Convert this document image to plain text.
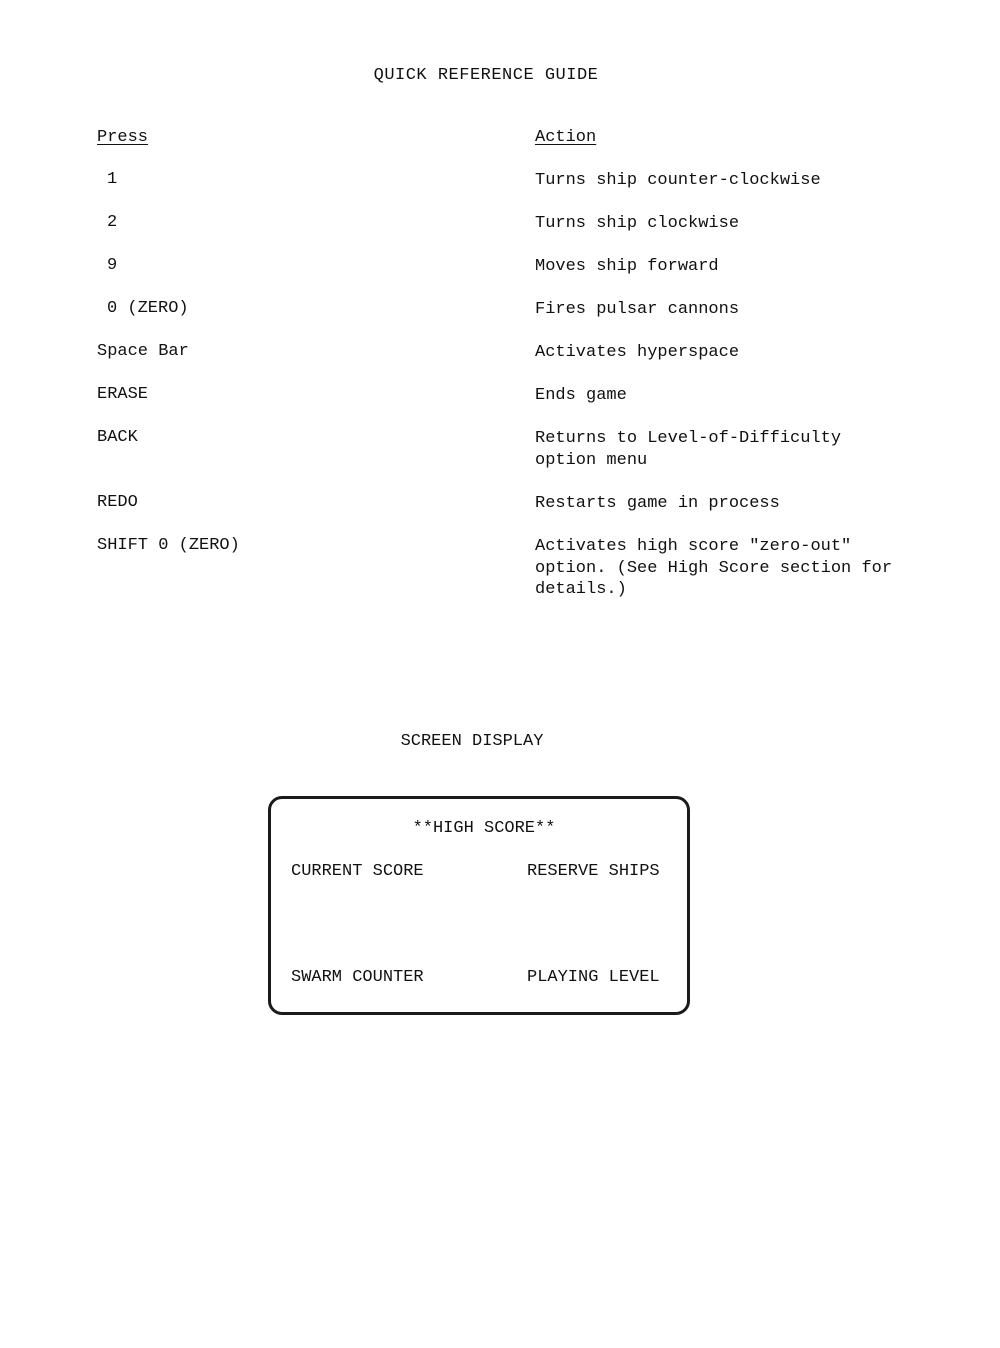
QUICK REFERENCE GUIDE
Press	Action
1	Turns ship counter-clockwise
2	Turns ship clockwise
9	Moves ship forward
0 (ZERO)	Fires pulsar cannons
Space Bar	Activates hyperspace
ERASE	Ends game
BACK	Returns to Level-of-Difficulty option menu
REDO	Restarts game in process
SHIFT 0 (ZERO)	Activates high score "zero-out" option. (See High Score section for details.)
SCREEN DISPLAY
**HIGH SCORE**
CURRENT SCORE	RESERVE SHIPS
SWARM COUNTER	PLAYING LEVEL
